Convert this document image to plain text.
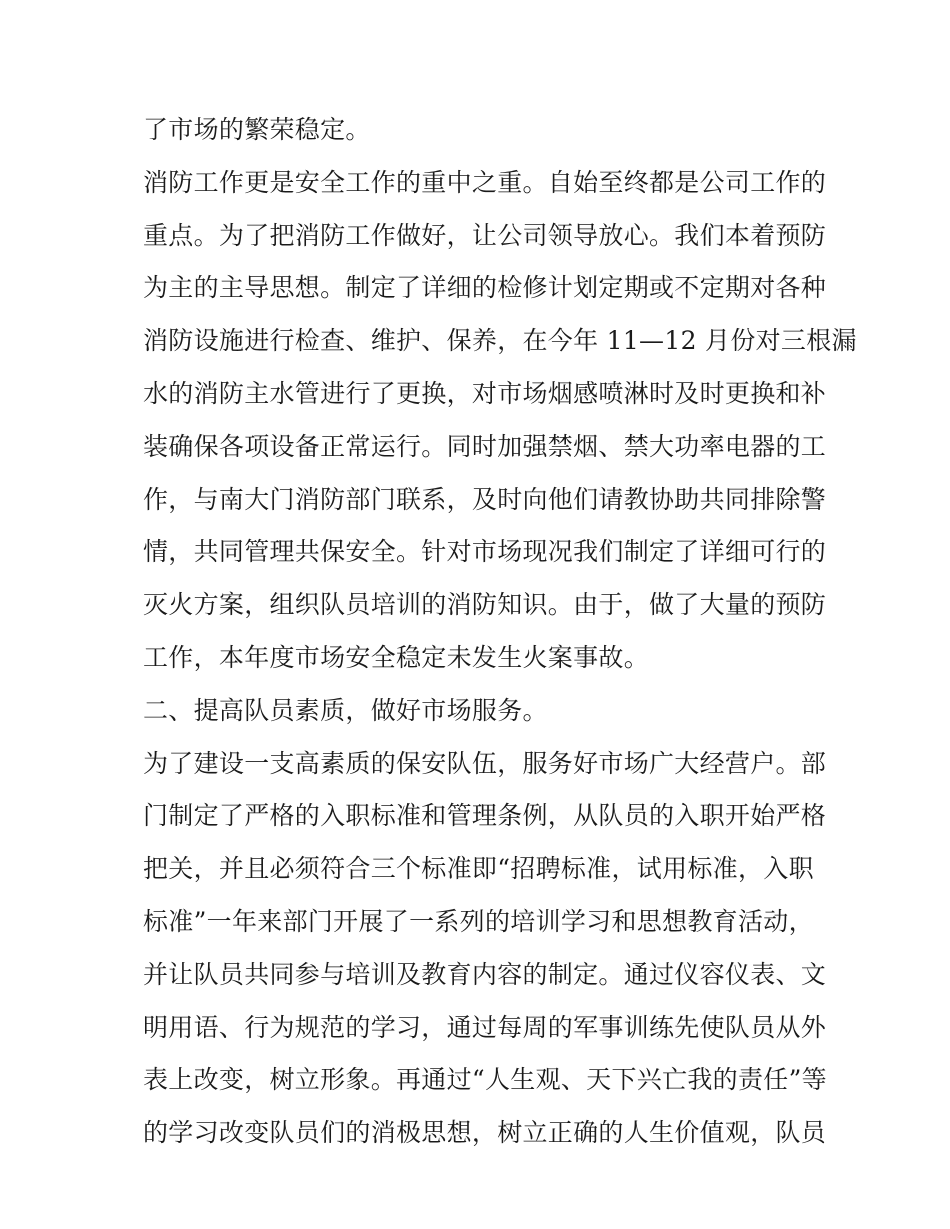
了市场的繁荣稳定。
消防工作更是安全工作的重中之重。自始至终都是公司工作的
重点。为了把消防工作做好，让公司领导放心。我们本着预防
为主的主导思想。制定了详细的检修计划定期或不定期对各种
消防设施进行检查、维护、保养，在今年 11—12 月份对三根漏
水的消防主水管进行了更换，对市场烟感喷淋时及时更换和补
装确保各项设备正常运行。同时加强禁烟、禁大功率电器的工
作，与南大门消防部门联系，及时向他们请教协助共同排除警
情，共同管理共保安全。针对市场现况我们制定了详细可行的
灭火方案，组织队员培训的消防知识。由于，做了大量的预防
工作，本年度市场安全稳定未发生火案事故。
二、提高队员素质，做好市场服务。
为了建设一支高素质的保安队伍，服务好市场广大经营户。部
门制定了严格的入职标准和管理条例，从队员的入职开始严格
把关，并且必须符合三个标准即“招聘标准，试用标准，入职
标准”一年来部门开展了一系列的培训学习和思想教育活动，
并让队员共同参与培训及教育内容的制定。通过仪容仪表、文
明用语、行为规范的学习，通过每周的军事训练先使队员从外
表上改变，树立形象。再通过“人生观、天下兴亡我的责任”等
的学习改变队员们的消极思想，树立正确的人生价值观，队员
